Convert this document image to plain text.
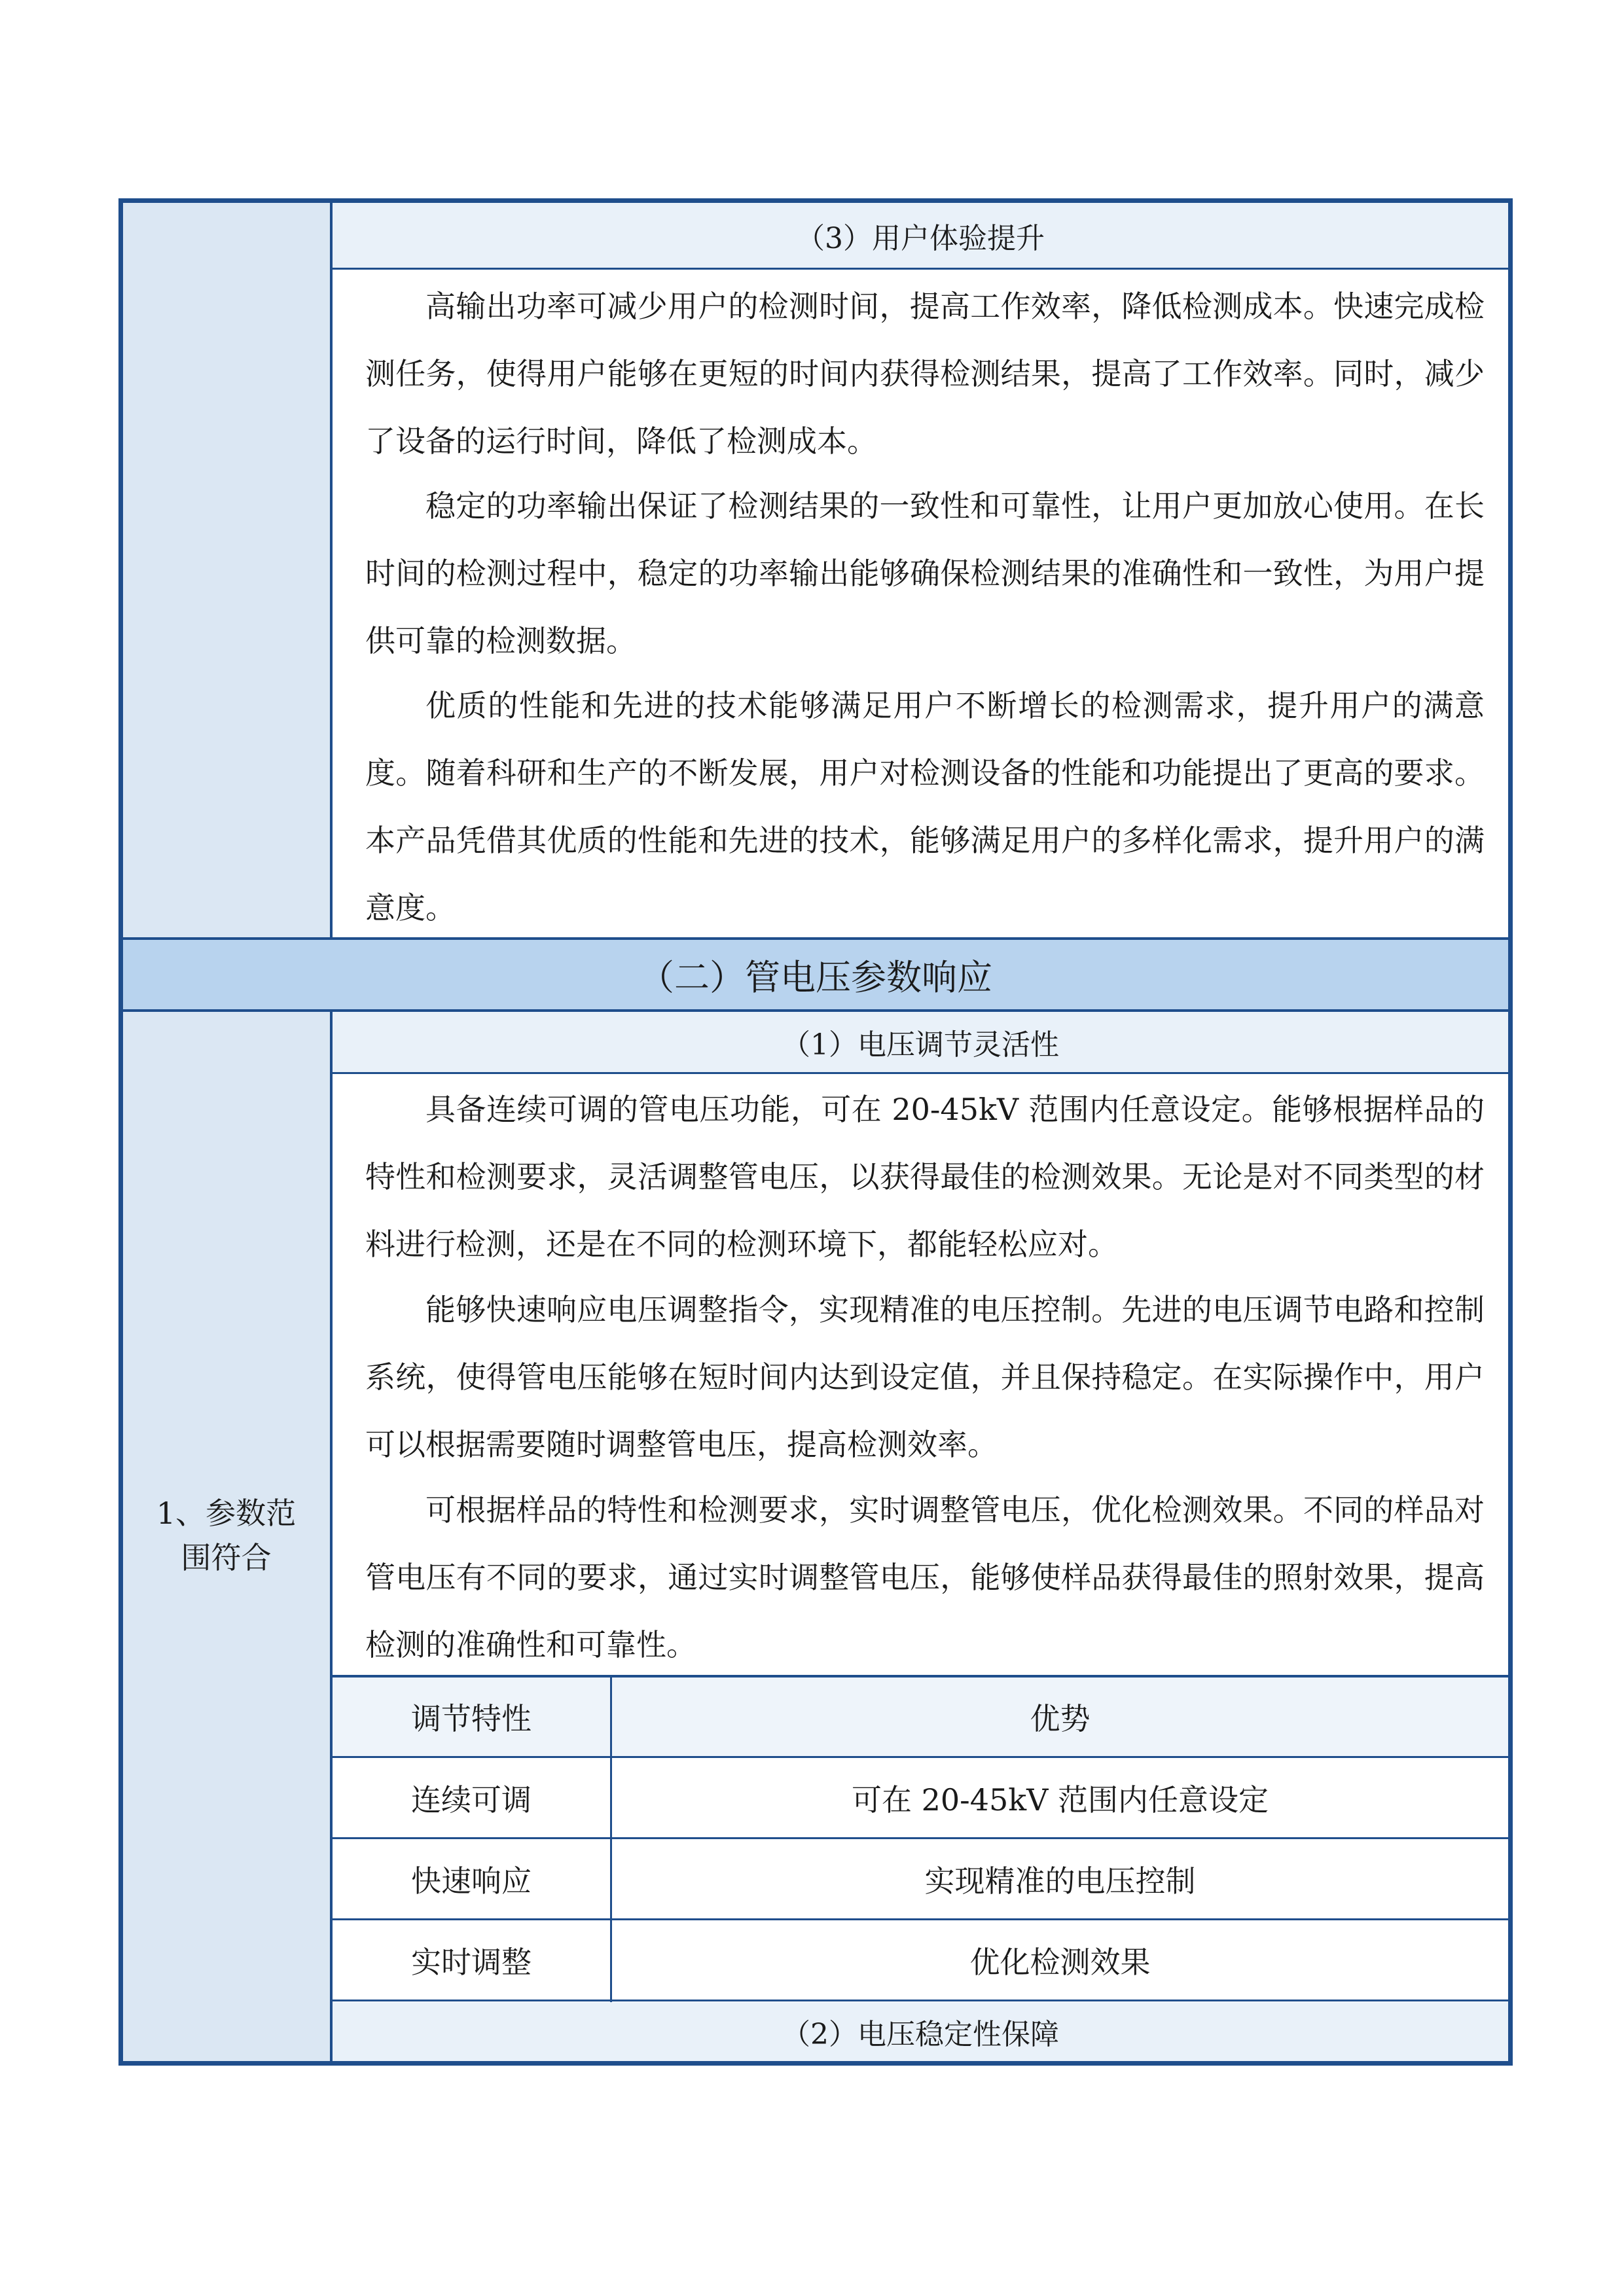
（3）用户体验提升

高输出功率可减少用户的检测时间，提高工作效率，降低检测成本。快速完成检测任务，使得用户能够在更短的时间内获得检测结果，提高了工作效率。同时，减少了设备的运行时间，降低了检测成本。

稳定的功率输出保证了检测结果的一致性和可靠性，让用户更加放心使用。在长时间的检测过程中，稳定的功率输出能够确保检测结果的准确性和一致性，为用户提供可靠的检测数据。

优质的性能和先进的技术能够满足用户不断增长的检测需求，提升用户的满意度。随着科研和生产的不断发展，用户对检测设备的性能和功能提出了更高的要求。本产品凭借其优质的性能和先进的技术，能够满足用户的多样化需求，提升用户的满意度。

（二）管电压参数响应
1、参数范
围符合
（1）电压调节灵活性

具备连续可调的管电压功能，可在 20-45kV 范围内任意设定。能够根据样品的特性和检测要求，灵活调整管电压，以获得最佳的检测效果。无论是对不同类型的材料进行检测，还是在不同的检测环境下，都能轻松应对。

能够快速响应电压调整指令，实现精准的电压控制。先进的电压调节电路和控制系统，使得管电压能够在短时间内达到设定值，并且保持稳定。在实际操作中，用户可以根据需要随时调整管电压，提高检测效率。

可根据样品的特性和检测要求，实时调整管电压，优化检测效果。不同的样品对管电压有不同的要求，通过实时调整管电压，能够使样品获得最佳的照射效果，提高检测的准确性和可靠性。

调节特性	优势
连续可调	可在 20-45kV 范围内任意设定
快速响应	实现精准的电压控制
实时调整	优化检测效果
（2）电压稳定性保障
